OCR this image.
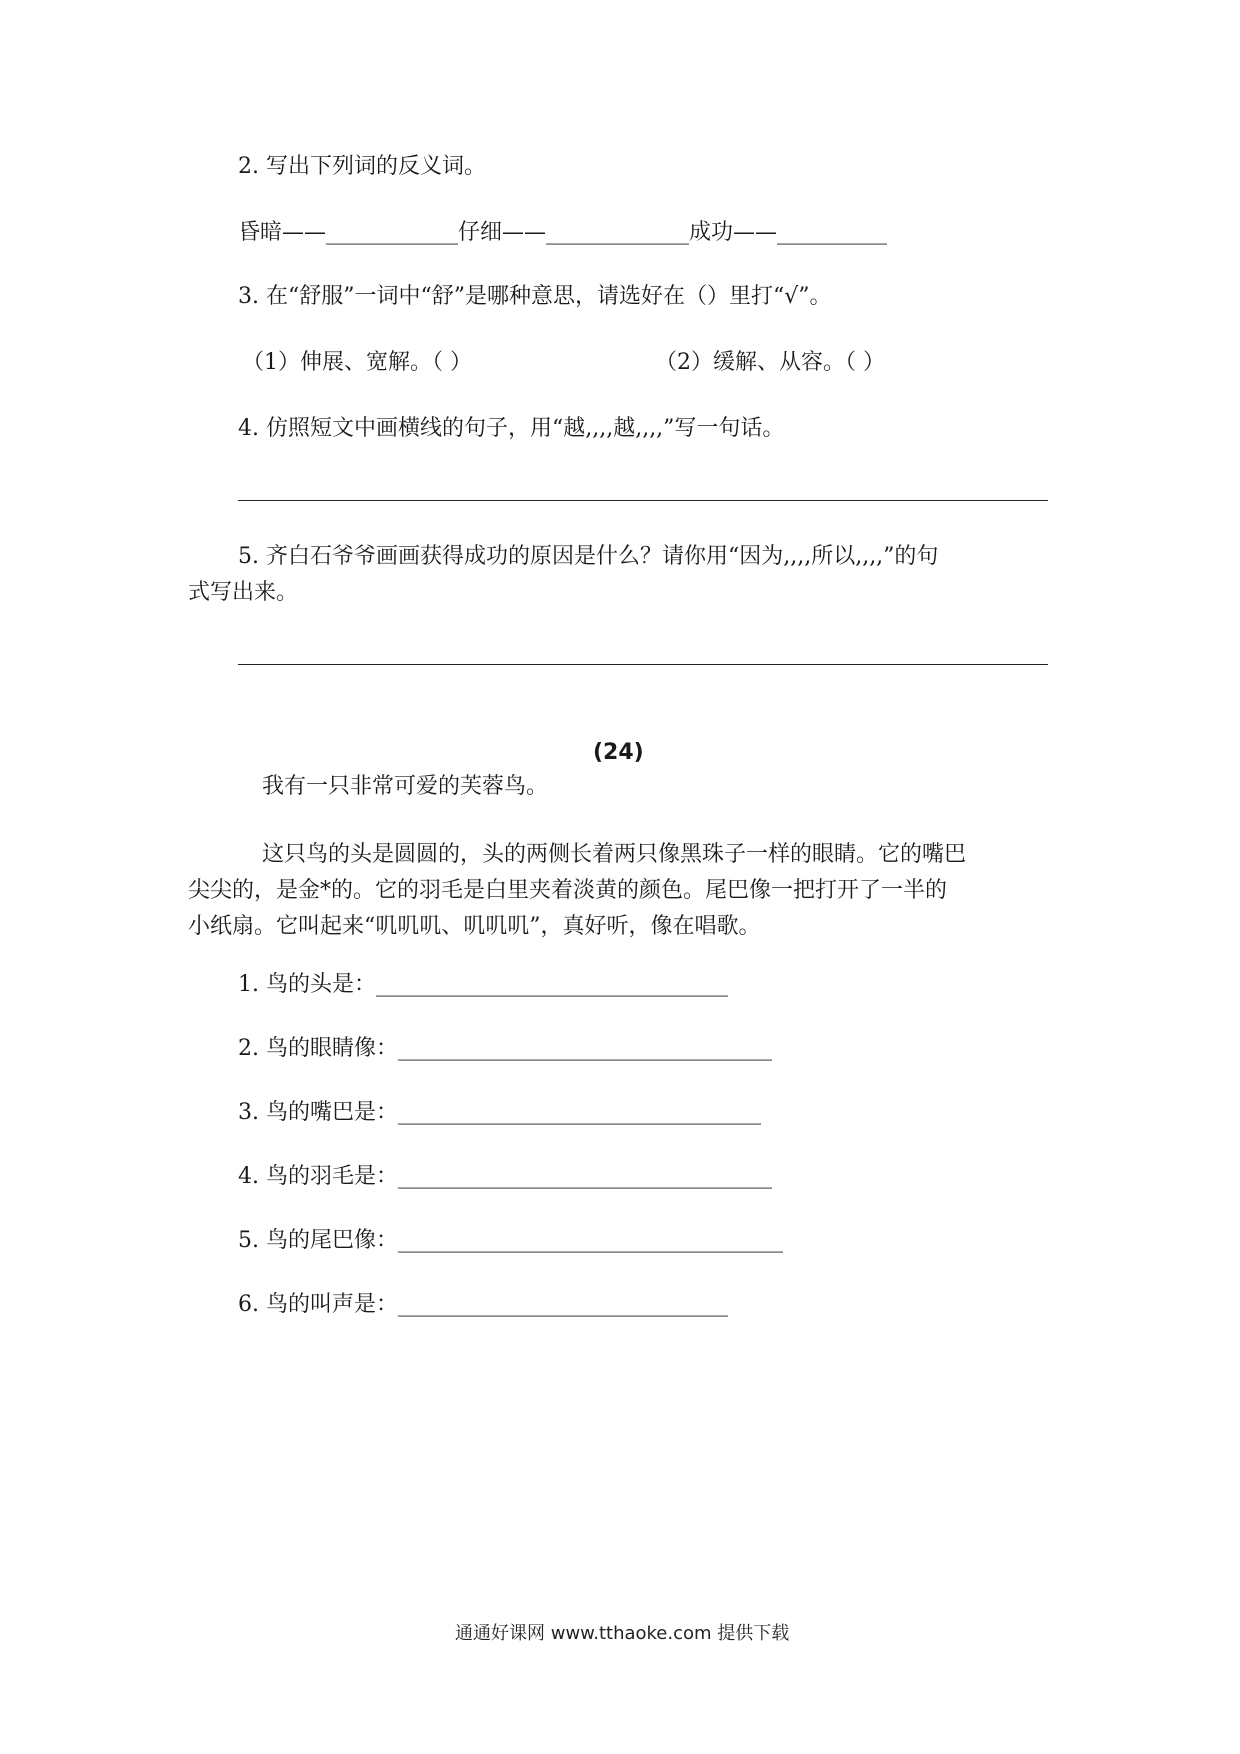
2. 写出下列词的反义词。
昏暗——____________仔细——_____________成功——__________
3. 在“舒服”一词中“舒”是哪种意思，请选好在（）里打“√”。
（1）伸展、宽解。（ ）	（2）缓解、从容。（ ）
4. 仿照短文中画横线的句子，用“越,,,,越,,,,”写一句话。
5. 齐白石爷爷画画获得成功的原因是什么？请你用“因为,,,,所以,,,,”的句
式写出来。
(24)
我有一只非常可爱的芙蓉鸟。
这只鸟的头是圆圆的，头的两侧长着两只像黑珠子一样的眼睛。它的嘴巴
尖尖的，是金*的。它的羽毛是白里夹着淡黄的颜色。尾巴像一把打开了一半的
小纸扇。它叫起来“叽叽叽、叽叽叽”，真好听，像在唱歌。
1. 鸟的头是：________________________________
2. 鸟的眼睛像：__________________________________
3. 鸟的嘴巴是：_________________________________
4. 鸟的羽毛是：__________________________________
5. 鸟的尾巴像：___________________________________
6. 鸟的叫声是：______________________________
通通好课网 www.tthaoke.com 提供下载
